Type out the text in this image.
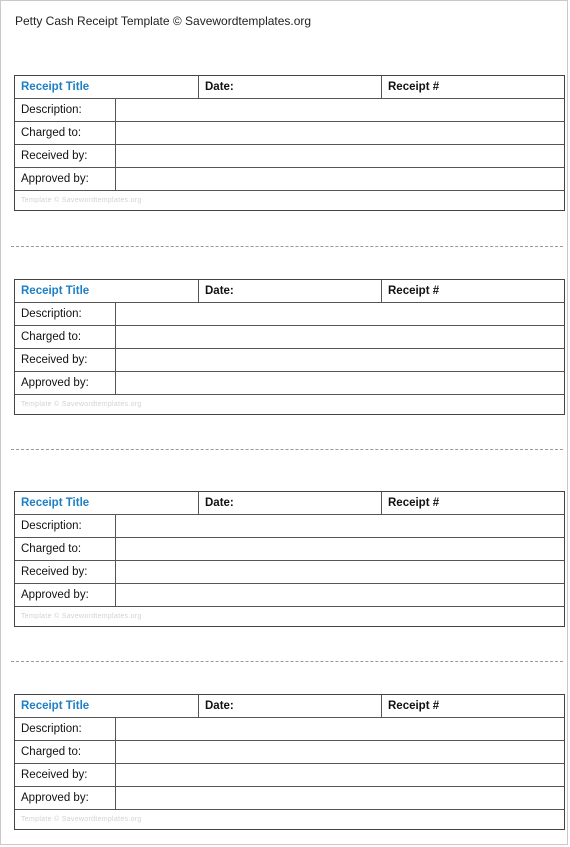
Petty Cash Receipt Template © Savewordtemplates.org
Receipt Title	Date:	Receipt #
Description:
Charged to:
Received by:
Approved by:
Template © Savewordtemplates.org
Receipt Title	Date:	Receipt #
Description:
Charged to:
Received by:
Approved by:
Template © Savewordtemplates.org
Receipt Title	Date:	Receipt #
Description:
Charged to:
Received by:
Approved by:
Template © Savewordtemplates.org
Receipt Title	Date:	Receipt #
Description:
Charged to:
Received by:
Approved by:
Template © Savewordtemplates.org
